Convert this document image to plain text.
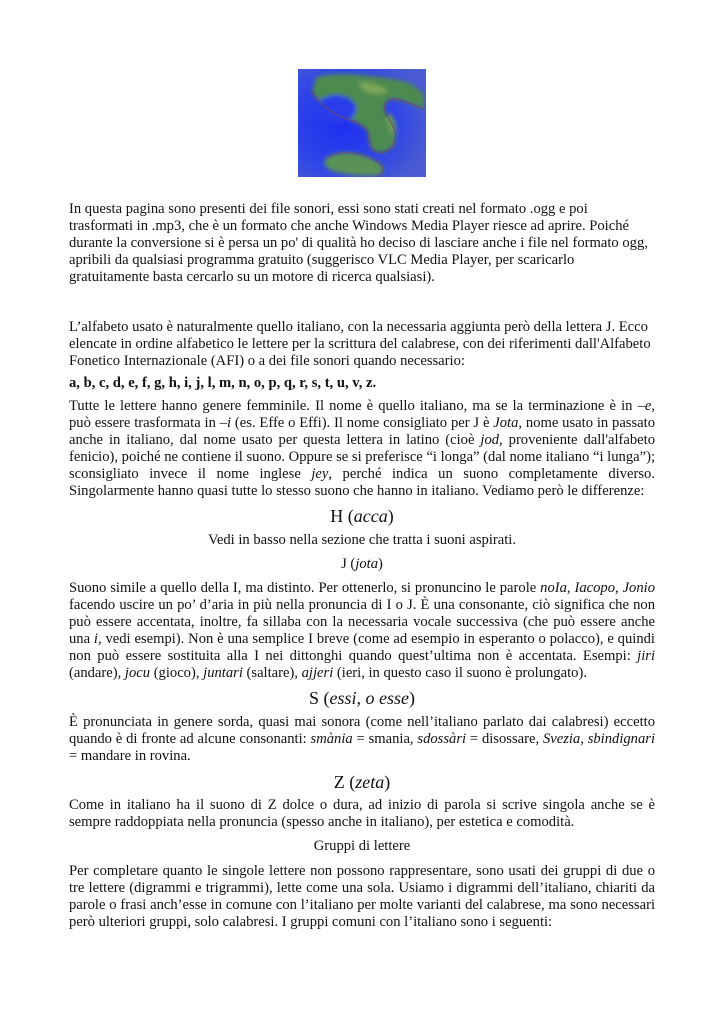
In questa pagina sono presenti dei file sonori, essi sono stati creati nel formato .ogg e poi trasformati in .mp3, che è un formato che anche Windows Media Player riesce ad aprire. Poiché durante la conversione si è persa un po' di qualità ho deciso di lasciare anche i file nel formato ogg, apribili da qualsiasi programma gratuito (suggerisco VLC Media Player, per scaricarlo gratuitamente basta cercarlo su un motore di ricerca qualsiasi).

L’alfabeto usato è naturalmente quello italiano, con la necessaria aggiunta però della lettera J. Ecco elencate in ordine alfabetico le lettere per la scrittura del calabrese, con dei riferimenti dall'Alfabeto Fonetico Internazionale (AFI) o a dei file sonori quando necessario:

a, b, c, d, e, f, g, h, i, j, l, m, n, o, p, q, r, s, t, u, v, z.

Tutte le lettere hanno genere femminile. Il nome è quello italiano, ma se la terminazione è in –e, può essere trasformata in –i (es. Effe o Effi). Il nome consigliato per J è Jota, nome usato in passato anche in italiano, dal nome usato per questa lettera in latino (cioè jod, proveniente dall'alfabeto fenicio), poiché ne contiene il suono. Oppure se si preferisce “i longa” (dal nome italiano “i lunga”); sconsigliato invece il nome inglese jey, perché indica un suono completamente diverso. Singolarmente hanno quasi tutte lo stesso suono che hanno in italiano. Vediamo però le differenze:

H (acca)

Vedi in basso nella sezione che tratta i suoni aspirati.

J (jota)

Suono simile a quello della I, ma distinto. Per ottenerlo, si pronuncino le parole noIa, Iacopo, Jonio facendo uscire un po’ d’aria in più nella pronuncia di I o J. È una consonante, ciò significa che non può essere accentata, inoltre, fa sillaba con la necessaria vocale successiva (che può essere anche una i, vedi esempi). Non è una semplice I breve (come ad esempio in esperanto o polacco), e quindi non può essere sostituita alla I nei dittonghi quando quest’ultima non è accentata. Esempi: jiri (andare), jocu (gioco), juntari (saltare), ajjeri (ieri, in questo caso il suono è prolungato).

S (essi, o esse)

È pronunciata in genere sorda, quasi mai sonora (come nell’italiano parlato dai calabresi) eccetto quando è di fronte ad alcune consonanti: smània = smania, sdossàri = disossare, Svezia, sbindignari = mandare in rovina.

Z (zeta)

Come in italiano ha il suono di Z dolce o dura, ad inizio di parola si scrive singola anche se è sempre raddoppiata nella pronuncia (spesso anche in italiano), per estetica e comodità.

Gruppi di lettere

Per completare quanto le singole lettere non possono rappresentare, sono usati dei gruppi di due o tre lettere (digrammi e trigrammi), lette come una sola. Usiamo i digrammi dell’italiano, chiariti da parole o frasi anch’esse in comune con l’italiano per molte varianti del calabrese, ma sono necessari però ulteriori gruppi, solo calabresi. I gruppi comuni con l’italiano sono i seguenti:
